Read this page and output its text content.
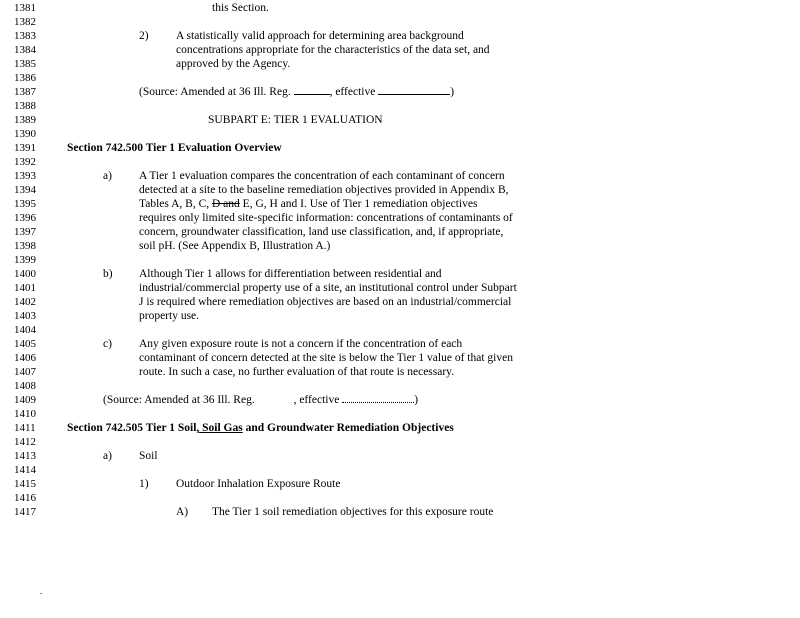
1381	this Section.
1382
1383	2) A statistically valid approach for determining area background
1384	concentrations appropriate for the characteristics of the data set, and
1385	approved by the Agency.
1386
1387	(Source: Amended at 36 Ill. Reg.	, effective	)
1388
1389	SUBPART E: TIER 1 EVALUATION
1390
1391	Section 742.500 Tier 1 Evaluation Overview
1392
1393	a) A Tier 1 evaluation compares the concentration of each contaminant of concern
1394	detected at a site to the baseline remediation objectives provided in Appendix B,
1395	Tables A, B, C, D and E, G, H and I. Use of Tier 1 remediation objectives
1396	requires only limited site-specific information: concentrations of contaminants of
1397	concern, groundwater classification, land use classification, and, if appropriate,
1398	soil pH. (See Appendix B, Illustration A.)
1399
1400	b) Although Tier 1 allows for differentiation between residential and
1401	industrial/commercial property use of a site, an institutional control under Subpart
1402	J is required where remediation objectives are based on an industrial/commercial
1403	property use.
1404
1405	c) Any given exposure route is not a concern if the concentration of each
1406	contaminant of concern detected at the site is below the Tier 1 value of that given
1407	route. In such a case, no further evaluation of that route is necessary.
1408
1409	(Source: Amended at 36 Ill. Reg.	, effective	)
1410
1411	Section 742.505 Tier 1 Soil, Soil Gas and Groundwater Remediation Objectives
1412
1413	a) Soil
1414
1415	1) Outdoor Inhalation Exposure Route
1416
1417	A) The Tier 1 soil remediation objectives for this exposure route
.
